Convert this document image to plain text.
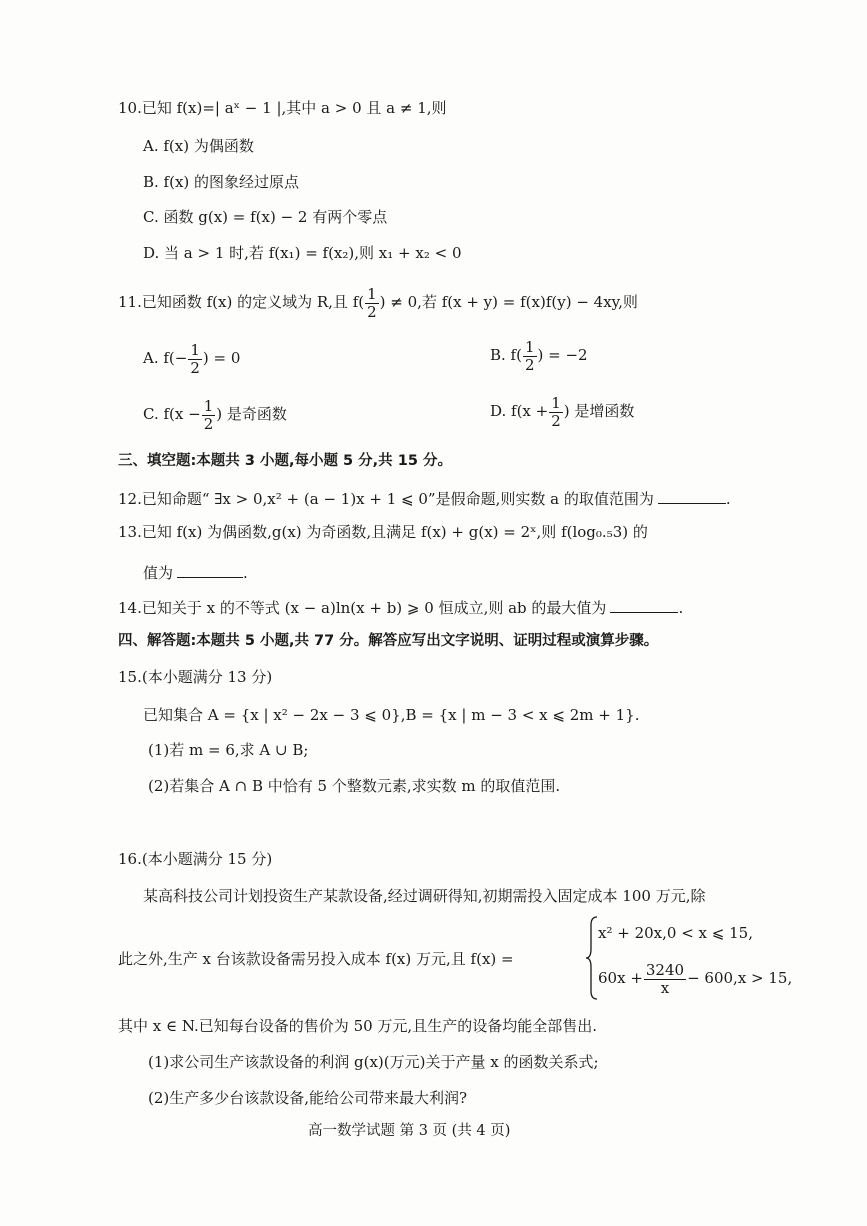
10.已知 f(x)=| aˣ − 1 |,其中 a > 0 且 a ≠ 1,则
A. f(x) 为偶函数
B. f(x) 的图象经过原点
C. 函数 g(x) = f(x) − 2 有两个零点
D. 当 a > 1 时,若 f(x₁) = f(x₂),则 x₁ + x₂ < 0
11.已知函数 f(x) 的定义域为 R,且 $f( \frac{1}{2}$ ) ≠ 0,若 f(x + y) = f(x)f(y) − 4xy,则
A. $f(- \frac{1}{2}$ ) = 0	B. $f( \frac{1}{2}$ ) = −2
C. $f(x - \frac{1}{2}$ ) 是奇函数	D. $f(x + \frac{1}{2}$ ) 是增函数
三、填空题:本题共 3 小题,每小题 5 分,共 15 分。
12.已知命题“ ∃x > 0,x² + (a − 1)x + 1 ⩽ 0”是假命题,则实数 a 的取值范围为	.
13.已知 f(x) 为偶函数,g(x) 为奇函数,且满足 f(x) + g(x) = 2ˣ,则 f(log₀.₅3) 的
值为	.
14.已知关于 x 的不等式 (x − a)ln(x + b) ⩾ 0 恒成立,则 ab 的最大值为	.
四、解答题:本题共 5 小题,共 77 分。解答应写出文字说明、证明过程或演算步骤。
15.(本小题满分 13 分)
已知集合 A = {x | x² − 2x − 3 ⩽ 0},B = {x | m − 3 < x ⩽ 2m + 1}.
(1)若 m = 6,求 A ∪ B;
(2)若集合 A ∩ B 中恰有 5 个整数元素,求实数 m 的取值范围.
16.(本小题满分 15 分)
某高科技公司计划投资生产某款设备,经过调研得知,初期需投入固定成本 100 万元,除
此之外,生产 x 台该款设备需另投入成本 f(x) 万元,且 f(x) =
x² + 20x,0 < x ⩽ 15,
$60x + \frac{3240}{x} - 600,x > 15$,
其中 x ∈ N.已知每台设备的售价为 50 万元,且生产的设备均能全部售出.
(1)求公司生产该款设备的利润 g(x)(万元)关于产量 x 的函数关系式;
(2)生产多少台该款设备,能给公司带来最大利润?
高一数学试题 第 3 页 (共 4 页)
